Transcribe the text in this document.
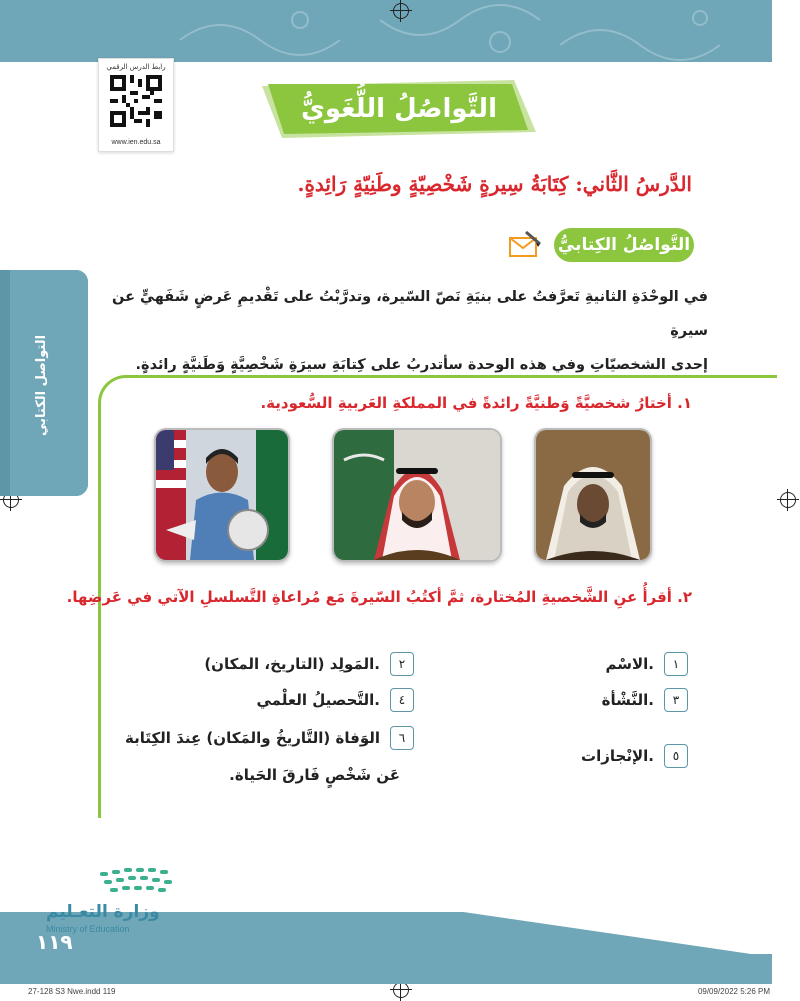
رابط الدرس الرقمي
www.ien.edu.sa
التَّواصُلُ اللُّغَويُّ
الدَّرسُ الثَّاني: كِتَابَةُ سِيرةٍ شَخْصِيّةٍ وطَنِيّةٍ رَائِدةٍ.
التَّواصُلُ الكِتابيُّ
التواصل الكتابي
في الوحْدَةِ الثانيةِ تَعرَّفتُ على بنيَةِ نَصّ السّيرة، وتدرَّبْتُ على تَقْديمِ عَرضٍ شَفَهيٍّ عن سيرةِ
إحدى الشخصيّاتِ وفي هذه الوحدة سأتدربُ على كِتابَةِ سيرَةِ شَخْصِيَّةٍ وَطَنيَّةٍ رائدةٍ.
١. أختارُ شخصيَّةً وَطنيَّةً رائدةً في المملكةِ العَربيةِ السُّعودية.
٢. أقرأُ عنِ الشَّخصيةِ المُختارة، ثمَّ أكتُبُ السّيرةَ مَع مُراعاةِ التَّسلسلِ الآتي في عَرضِها.
١
الاسْم.
٢
المَولِد (التاريخ، المكان).
٣
النَّشْأة.
٤
التَّحصيلُ العلْمي.
٥
الإنْجازات.
٦
الوَفاة (التَّاريخُ والمَكان) عِندَ الكِتَابة
عَن شَخْصٍ فَارقَ الحَياة.
وزارة التعـليم
Ministry of Education
١١٩
27-128 S3 Nwe.indd 119	09/09/2022 5:26 PM
